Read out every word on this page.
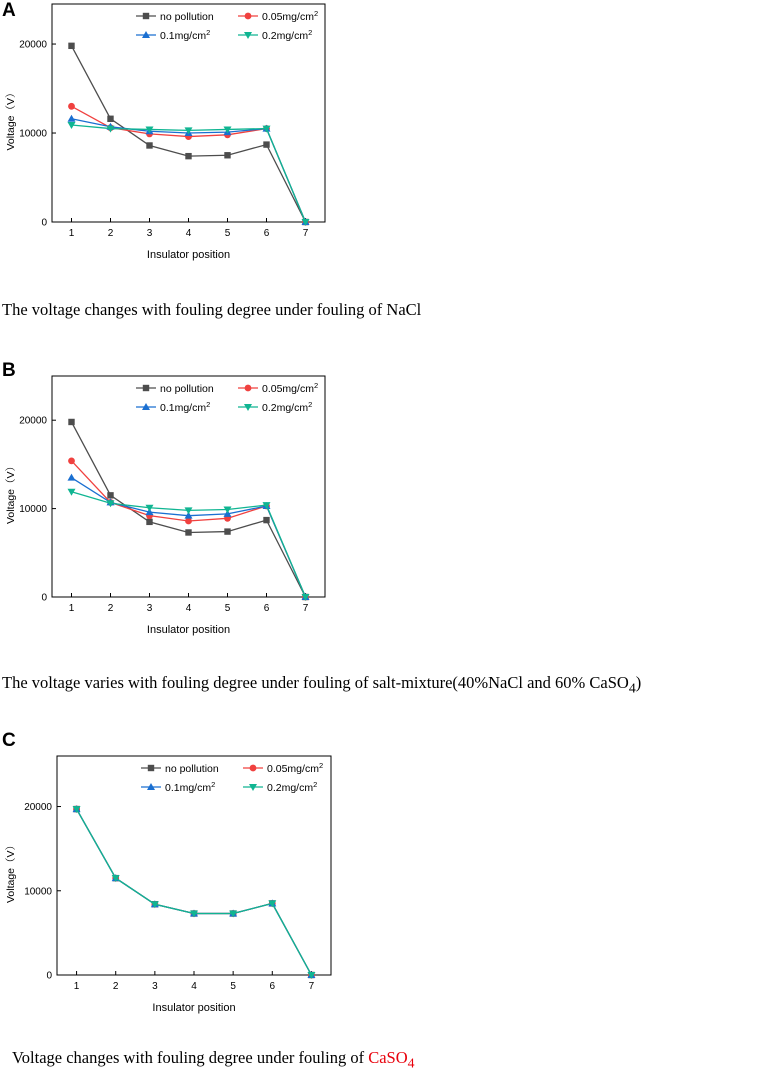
A
1	2	3	4	5	6	7
0
10000
20000
Insulator position
Voltage（V）
no pollution	$0.05mg/cm^2$
$0.1mg/cm^2$	$0.2mg/cm^2$
The voltage changes with fouling degree under fouling of NaCl
B
1	2	3	4	5	6	7
0
10000
20000
Insulator position
Voltage（V）
no pollution	$0.05mg/cm^2$
$0.1mg/cm^2$	$0.2mg/cm^2$
The voltage varies with fouling degree under fouling of salt-mixture(40%NaCl and 60% CaSO$_4$)
C
1	2	3	4	5	6	7
0
10000
20000
Insulator position
Voltage（V）
no pollution	$0.05mg/cm^2$
$0.1mg/cm^2$	$0.2mg/cm^2$
Voltage changes with fouling degree under fouling of CaSO$_4$
